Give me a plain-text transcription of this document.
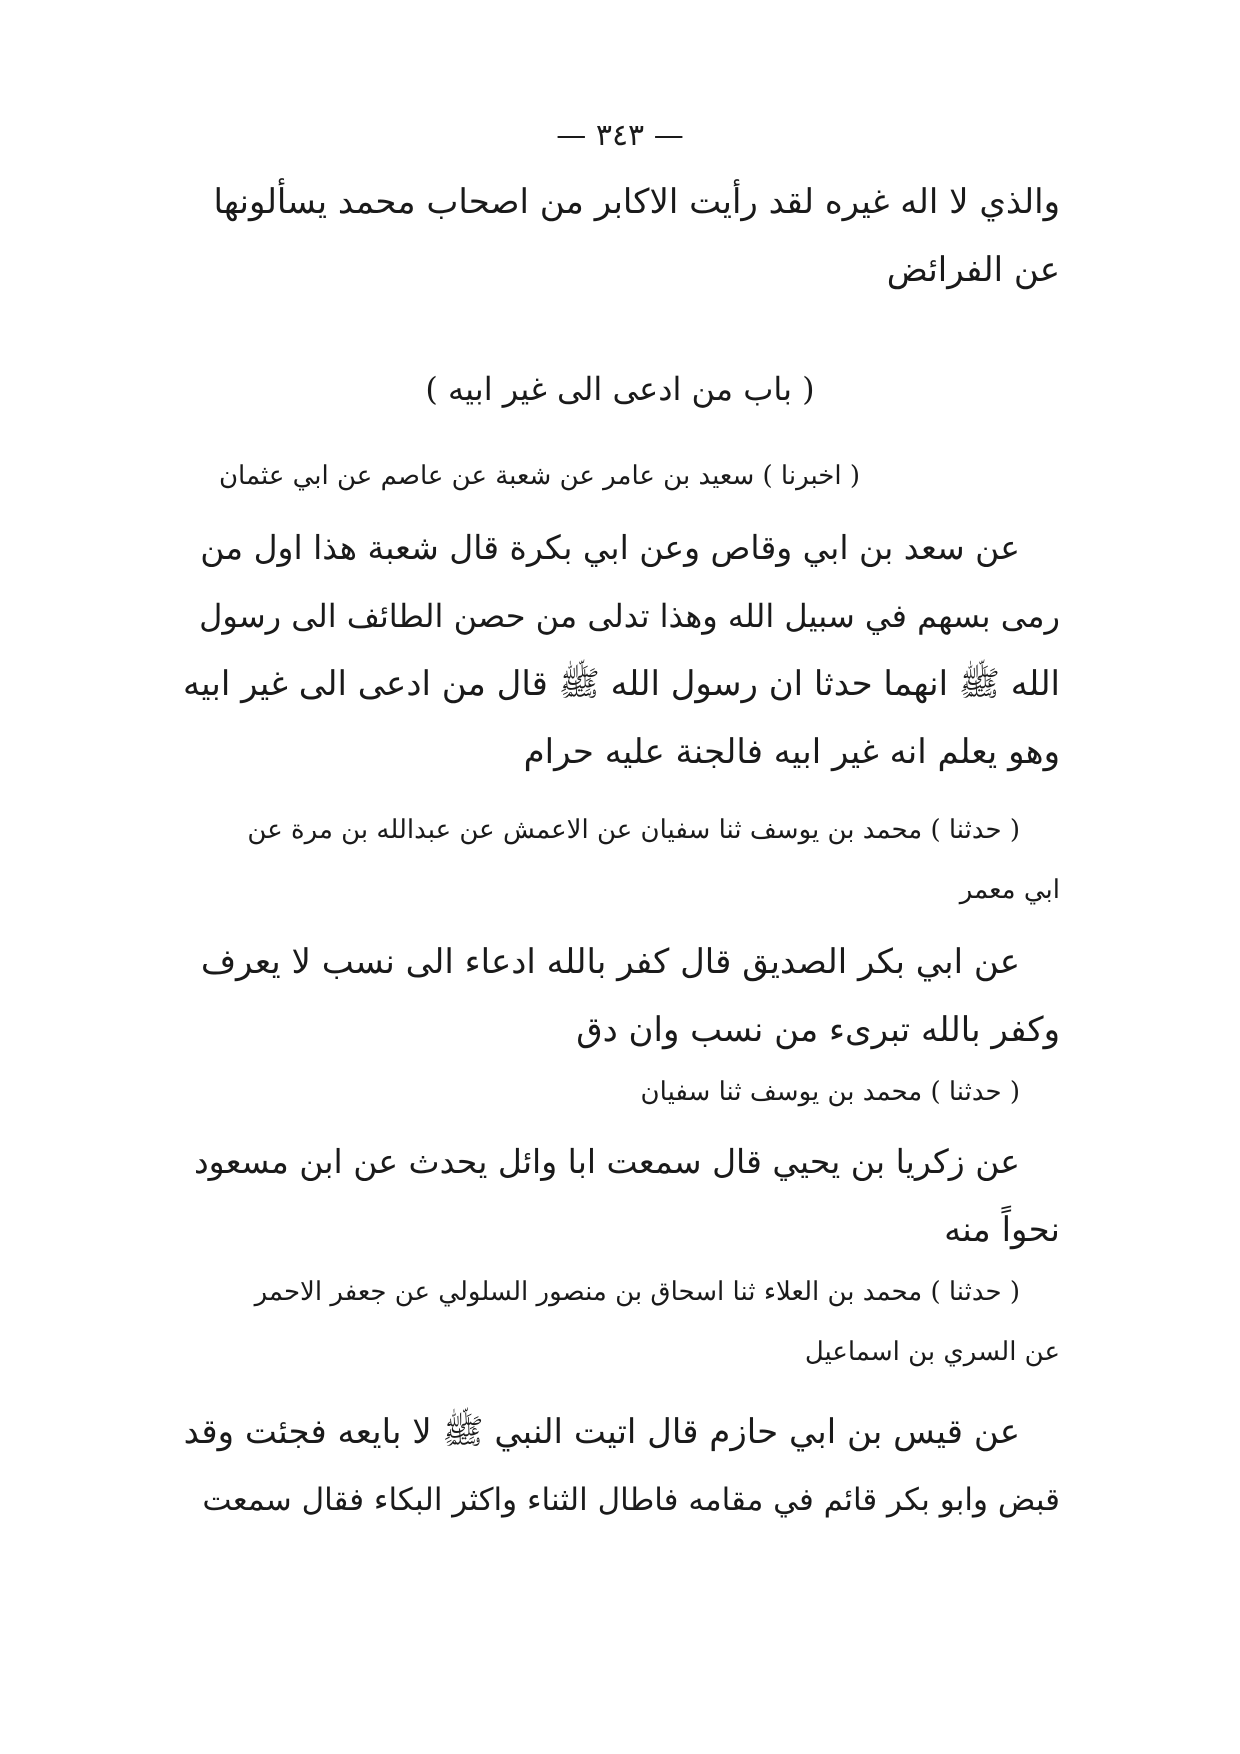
— ٣٤٣ —
والذي لا اله غيره لقد رأيت الاكابر من اصحاب محمد يسألونها
عن الفرائض
( باب من ادعى الى غير ابيه )
( اخبرنا ) سعيد بن عامر عن شعبة عن عاصم عن ابي عثمان
عن سعد بن ابي وقاص وعن ابي بكرة قال شعبة هذا اول من
رمى بسهم في سبيل الله وهذا تدلى من حصن الطائف الى رسول
الله ﷺ انهما حدثا ان رسول الله ﷺ قال من ادعى الى غير ابيه
وهو يعلم انه غير ابيه فالجنة عليه حرام
( حدثنا ) محمد بن يوسف ثنا سفيان عن الاعمش عن عبدالله بن مرة عن
ابي معمر
عن ابي بكر الصديق قال كفر بالله ادعاء الى نسب لا يعرف
وكفر بالله تبرىء من نسب وان دق
( حدثنا ) محمد بن يوسف ثنا سفيان
عن زكريا بن يحيي قال سمعت ابا وائل يحدث عن ابن مسعود
نحواً منه
( حدثنا ) محمد بن العلاء ثنا اسحاق بن منصور السلولي عن جعفر الاحمر
عن السري بن اسماعيل
عن قيس بن ابي حازم قال اتيت النبي ﷺ لا بايعه فجئت وقد
قبض وابو بكر قائم في مقامه فاطال الثناء واكثر البكاء فقال سمعت
